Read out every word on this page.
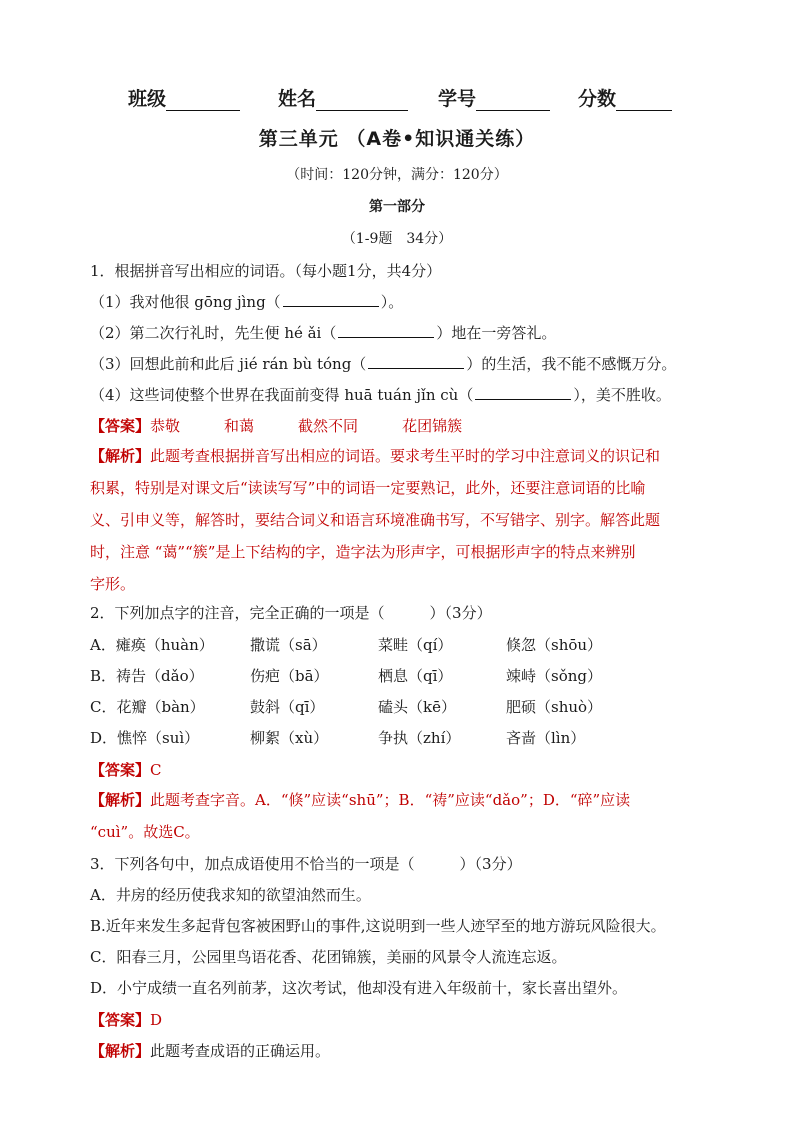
班级	姓名	学号	分数
第三单元 （A卷•知识通关练）
（时间：120分钟，满分：120分）
第一部分
（1-9题　34分）
1．根据拼音写出相应的词语。（每小题1分，共4分）
（1）我对他很 gōng jìng（	）。
（2）第二次行礼时，先生便 hé ǎi（	）地在一旁答礼。
（3）回想此前和此后 jié rán bù tóng（	）的生活，我不能不感慨万分。
（4）这些词使整个世界在我面前变得 huā tuán jǐn cù（	），美不胜收。
【答案】恭敬	和蔼	截然不同	花团锦簇
【解析】此题考查根据拼音写出相应的词语。要求考生平时的学习中注意词义的识记和
积累，特别是对课文后“读读写写”中的词语一定要熟记，此外，还要注意词语的比喻
义、引申义等，解答时，要结合词义和语言环境准确书写，不写错字、别字。解答此题
时，注意 “蔼”“簇”是上下结构的字，造字法为形声字，可根据形声字的特点来辨别
字形。
2．下列加点字的注音，完全正确的一项是（　　　）（3分）
A．瘫痪（huàn） 撒谎（sā）	菜畦（qí）	倏忽（shōu）
B．祷告（dǎo）	伤疤（bā）	栖息（qī）	竦峙（sǒng）
C．花瓣（bàn）	鼓斜（qī）	磕头（kē）	肥硕（shuò）
D．憔悴（suì）	柳絮（xù）	争执（zhí）	吝啬（lìn）
【答案】C
【解析】此题考查字音。A．“倏”应读“shū”；B．“祷”应读“dǎo”；D．“碎”应读
“cuì”。故选C。
3．下列各句中，加点成语使用不恰当的一项是（　　　）（3分）
A．井房的经历使我求知的欲望油然而生。
B.近年来发生多起背包客被困野山的事件,这说明到一些人迹罕至的地方游玩风险很大。
C．阳春三月，公园里鸟语花香、花团锦簇，美丽的风景令人流连忘返。
D．小宁成绩一直名列前茅，这次考试，他却没有进入年级前十，家长喜出望外。
【答案】D
【解析】此题考查成语的正确运用。
